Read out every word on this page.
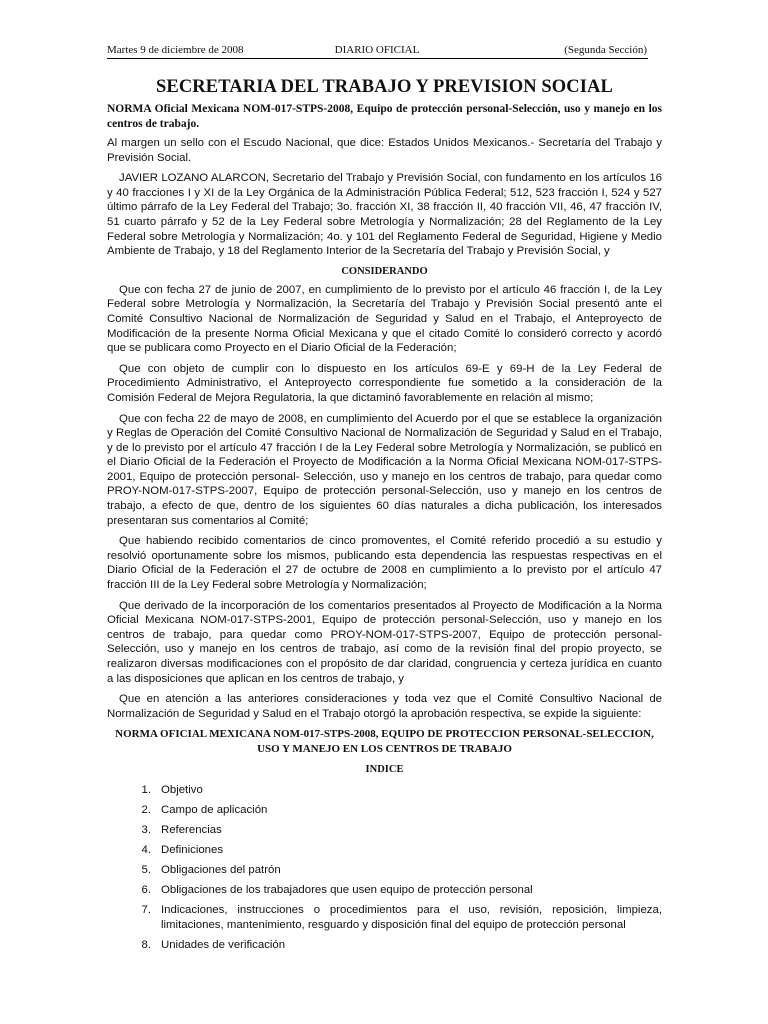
Martes 9 de diciembre de 2008	DIARIO OFICIAL	(Segunda Sección)
SECRETARIA DEL TRABAJO Y PREVISION SOCIAL
NORMA Oficial Mexicana NOM-017-STPS-2008, Equipo de protección personal-Selección, uso y manejo en los centros de trabajo.

Al margen un sello con el Escudo Nacional, que dice: Estados Unidos Mexicanos.- Secretaría del Trabajo y Previsión Social.

JAVIER LOZANO ALARCON, Secretario del Trabajo y Previsión Social, con fundamento en los artículos 16 y 40 fracciones I y XI de la Ley Orgánica de la Administración Pública Federal; 512, 523 fracción I, 524 y 527 último párrafo de la Ley Federal del Trabajo; 3o. fracción XI, 38 fracción II, 40 fracción VII, 46, 47 fracción IV, 51 cuarto párrafo y 52 de la Ley Federal sobre Metrología y Normalización; 28 del Reglamento de la Ley Federal sobre Metrología y Normalización; 4o. y 101 del Reglamento Federal de Seguridad, Higiene y Medio Ambiente de Trabajo, y 18 del Reglamento Interior de la Secretaría del Trabajo y Previsión Social, y

CONSIDERANDO

Que con fecha 27 de junio de 2007, en cumplimiento de lo previsto por el artículo 46 fracción I, de la Ley Federal sobre Metrología y Normalización, la Secretaría del Trabajo y Previsión Social presentó ante el Comité Consultivo Nacional de Normalización de Seguridad y Salud en el Trabajo, el Anteproyecto de Modificación de la presente Norma Oficial Mexicana y que el citado Comité lo consideró correcto y acordó que se publicara como Proyecto en el Diario Oficial de la Federación;

Que con objeto de cumplir con lo dispuesto en los artículos 69-E y 69-H de la Ley Federal de Procedimiento Administrativo, el Anteproyecto correspondiente fue sometido a la consideración de la Comisión Federal de Mejora Regulatoria, la que dictaminó favorablemente en relación al mismo;

Que con fecha 22 de mayo de 2008, en cumplimiento del Acuerdo por el que se establece la organización y Reglas de Operación del Comité Consultivo Nacional de Normalización de Seguridad y Salud en el Trabajo, y de lo previsto por el artículo 47 fracción I de la Ley Federal sobre Metrología y Normalización, se publicó en el Diario Oficial de la Federación el Proyecto de Modificación a la Norma Oficial Mexicana NOM-017-STPS-2001, Equipo de protección personal- Selección, uso y manejo en los centros de trabajo, para quedar como PROY-NOM-017-STPS-2007, Equipo de protección personal-Selección, uso y manejo en los centros de trabajo, a efecto de que, dentro de los siguientes 60 días naturales a dicha publicación, los interesados presentaran sus comentarios al Comité;

Que habiendo recibido comentarios de cinco promoventes, el Comité referido procedió a su estudio y resolvió oportunamente sobre los mismos, publicando esta dependencia las respuestas respectivas en el Diario Oficial de la Federación el 27 de octubre de 2008 en cumplimiento a lo previsto por el artículo 47 fracción III de la Ley Federal sobre Metrología y Normalización;

Que derivado de la incorporación de los comentarios presentados al Proyecto de Modificación a la Norma Oficial Mexicana NOM-017-STPS-2001, Equipo de protección personal-Selección, uso y manejo en los centros de trabajo, para quedar como PROY-NOM-017-STPS-2007, Equipo de protección personal-Selección, uso y manejo en los centros de trabajo, así como de la revisión final del propio proyecto, se realizaron diversas modificaciones con el propósito de dar claridad, congruencia y certeza jurídica en cuanto a las disposiciones que aplican en los centros de trabajo, y

Que en atención a las anteriores consideraciones y toda vez que el Comité Consultivo Nacional de Normalización de Seguridad y Salud en el Trabajo otorgó la aprobación respectiva, se expide la siguiente:

NORMA OFICIAL MEXICANA NOM-017-STPS-2008, EQUIPO DE PROTECCION PERSONAL-SELECCION, USO Y MANEJO EN LOS CENTROS DE TRABAJO
INDICE
1. Objetivo
2. Campo de aplicación
3. Referencias
4. Definiciones
5. Obligaciones del patrón
6. Obligaciones de los trabajadores que usen equipo de protección personal
7. Indicaciones, instrucciones o procedimientos para el uso, revisión, reposición, limpieza, limitaciones, mantenimiento, resguardo y disposición final del equipo de protección personal
8. Unidades de verificación
